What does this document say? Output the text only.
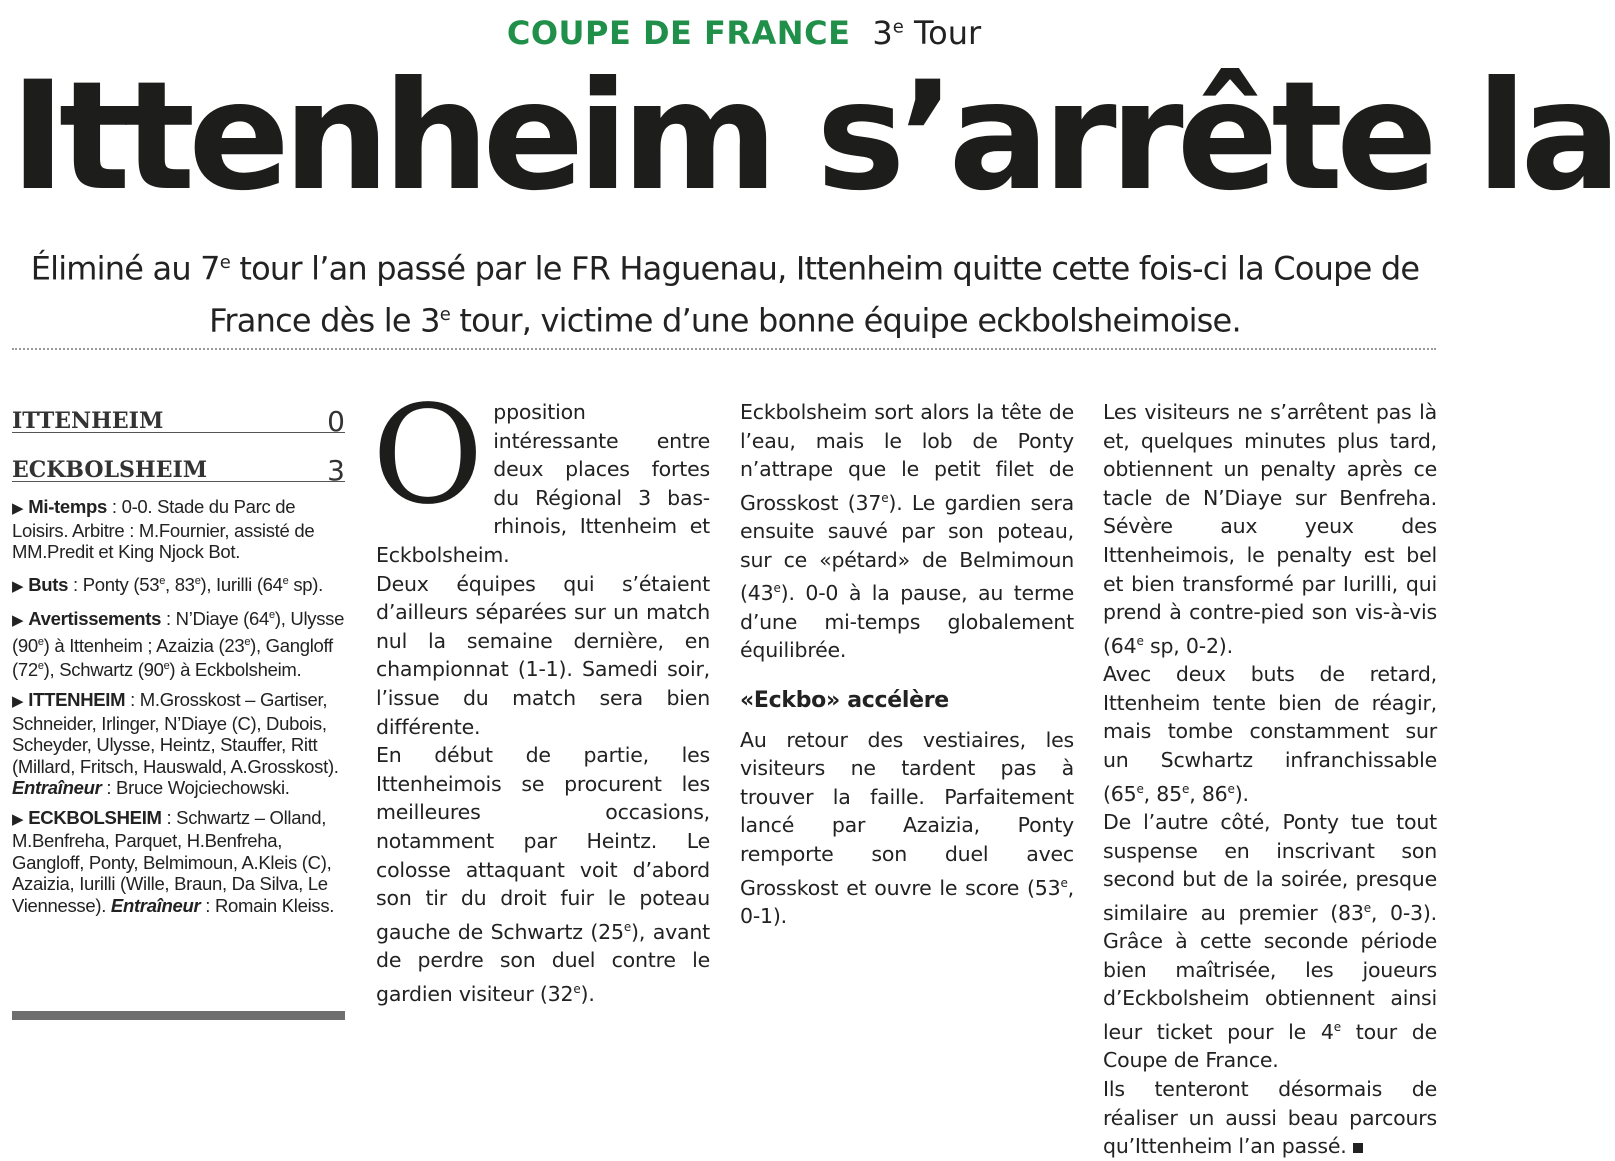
COUPE DE FRANCE 3e Tour
Ittenheim s’arrête la

Éliminé au 7e tour l’an passé par le FR Haguenau, Ittenheim quitte cette fois-ci la Coupe de France dès le 3e tour, victime d’une bonne équipe eckbolsheimoise.

ITTENHEIM	0
ECKBOLSHEIM	3

▶ Mi-temps : 0-0. Stade du Parc de Loisirs. Arbitre : M.Fournier, assisté de MM.Predit et King Njock Bot.

▶ Buts : Ponty (53e, 83e), Iurilli (64e sp).

▶ Avertissements : N’Diaye (64e), Ulysse (90e) à Ittenheim ; Azaizia (23e), Gangloff (72e), Schwartz (90e) à Eckbolsheim.

▶ ITTENHEIM : M.Grosskost – Gartiser, Schneider, Irlinger, N’Diaye (C), Dubois, Scheyder, Ulysse, Heintz, Stauffer, Ritt (Millard, Fritsch, Hauswald, A.Grosskost). Entraîneur : Bruce Wojciechowski.

▶ ECKBOLSHEIM : Schwartz – Olland, M.Benfreha, Parquet, H.Benfreha, Gangloff, Ponty, Belmimoun, A.Kleis (C), Azaizia, Iurilli (Wille, Braun, Da Silva, Le Viennesse). Entraîneur : Romain Kleiss.

O pposition intéressante entre deux places fortes du Régional 3 bas-rhinois, Ittenheim et Eckbolsheim.

Deux équipes qui s’étaient d’ailleurs séparées sur un match nul la semaine dernière, en championnat (1-1). Samedi soir, l’issue du match sera bien différente.

En début de partie, les Ittenheimois se procurent les meilleures occasions, notamment par Heintz. Le colosse attaquant voit d’abord son tir du droit fuir le poteau gauche de Schwartz (25e), avant de perdre son duel contre le gardien visiteur (32e).

Eckbolsheim sort alors la tête de l’eau, mais le lob de Ponty n’attrape que le petit filet de Grosskost (37e). Le gardien sera ensuite sauvé par son poteau, sur ce «pétard» de Belmimoun (43e). 0-0 à la pause, au terme d’une mi-temps globalement équilibrée.

«Eckbo» accélère

Au retour des vestiaires, les visiteurs ne tardent pas à trouver la faille. Parfaitement lancé par Azaizia, Ponty remporte son duel avec Grosskost et ouvre le score (53e, 0-1).

Les visiteurs ne s’arrêtent pas là et, quelques minutes plus tard, obtiennent un penalty après ce tacle de N’Diaye sur Benfreha. Sévère aux yeux des Ittenheimois, le penalty est bel et bien transformé par Iurilli, qui prend à contre-pied son vis-à-vis (64e sp, 0-2).

Avec deux buts de retard, Ittenheim tente bien de réagir, mais tombe constamment sur un Scwhartz infranchissable (65e, 85e, 86e).

De l’autre côté, Ponty tue tout suspense en inscrivant son second but de la soirée, presque similaire au premier (83e, 0-3). Grâce à cette seconde période bien maîtrisée, les joueurs d’Eckbolsheim obtiennent ainsi leur ticket pour le 4e tour de Coupe de France.

Ils tenteront désormais de réaliser un aussi beau parcours qu’Ittenheim l’an passé.
